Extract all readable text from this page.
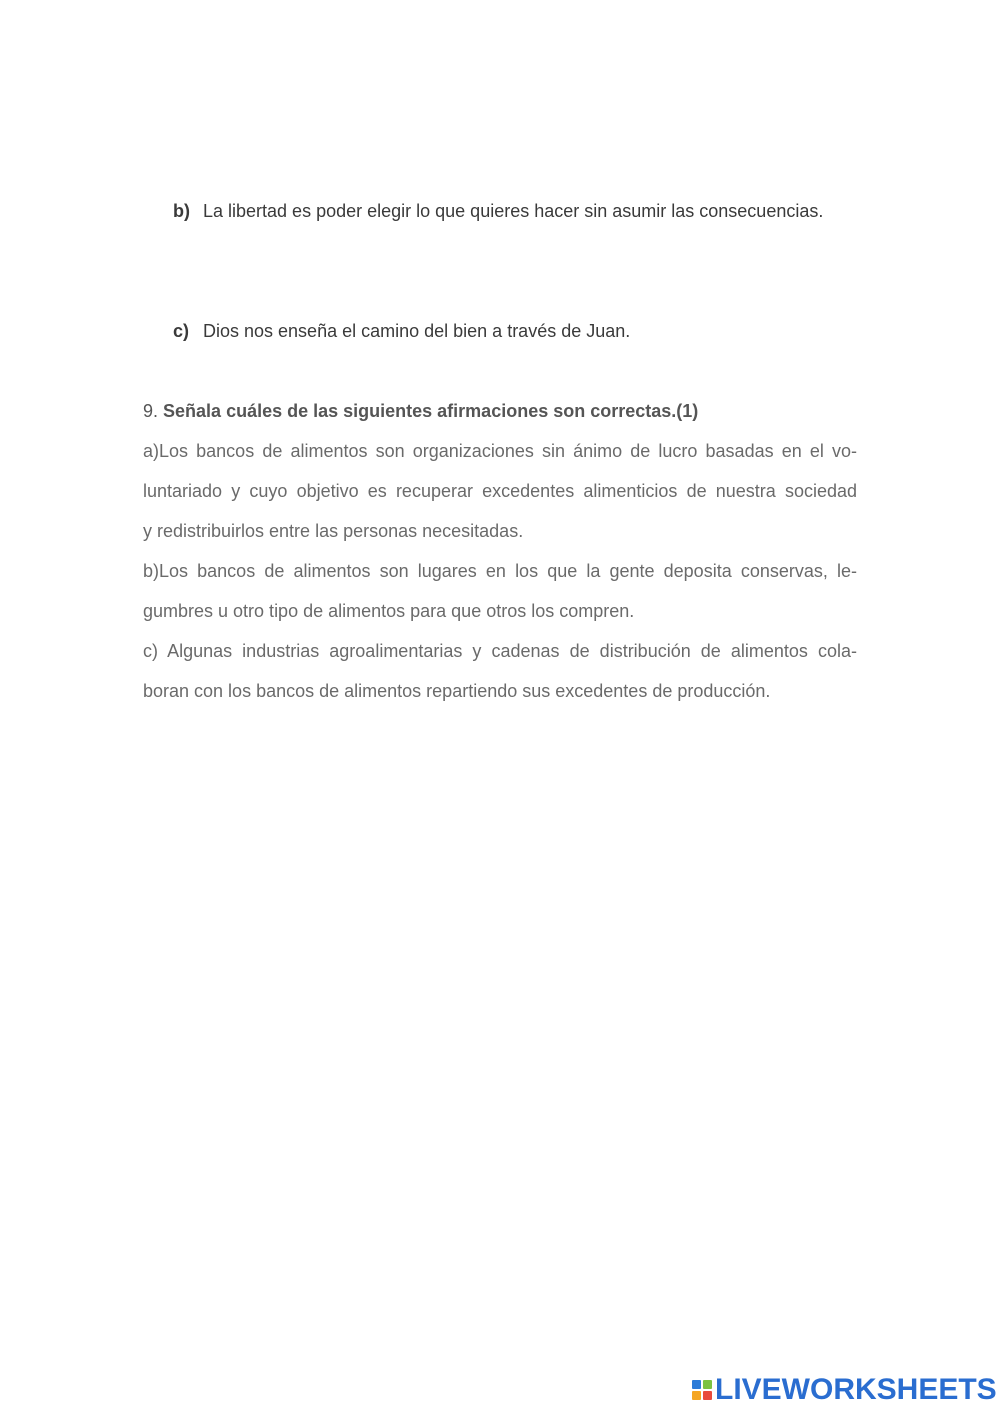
b) La libertad es poder elegir lo que quieres hacer sin asumir las consecuencias.
c) Dios nos enseña el camino del bien a través de Juan.
9. Señala cuáles de las siguientes afirmaciones son correctas.(1)
a)Los bancos de alimentos son organizaciones sin ánimo de lucro basadas en el vo-
luntariado y cuyo objetivo es recuperar excedentes alimenticios de nuestra sociedad
y redistribuirlos entre las personas necesitadas.
b)Los bancos de alimentos son lugares en los que la gente deposita conservas, le-
gumbres u otro tipo de alimentos para que otros los compren.
c) Algunas industrias agroalimentarias y cadenas de distribución de alimentos cola-
boran con los bancos de alimentos repartiendo sus excedentes de producción.
LIVEWORKSHEETS
